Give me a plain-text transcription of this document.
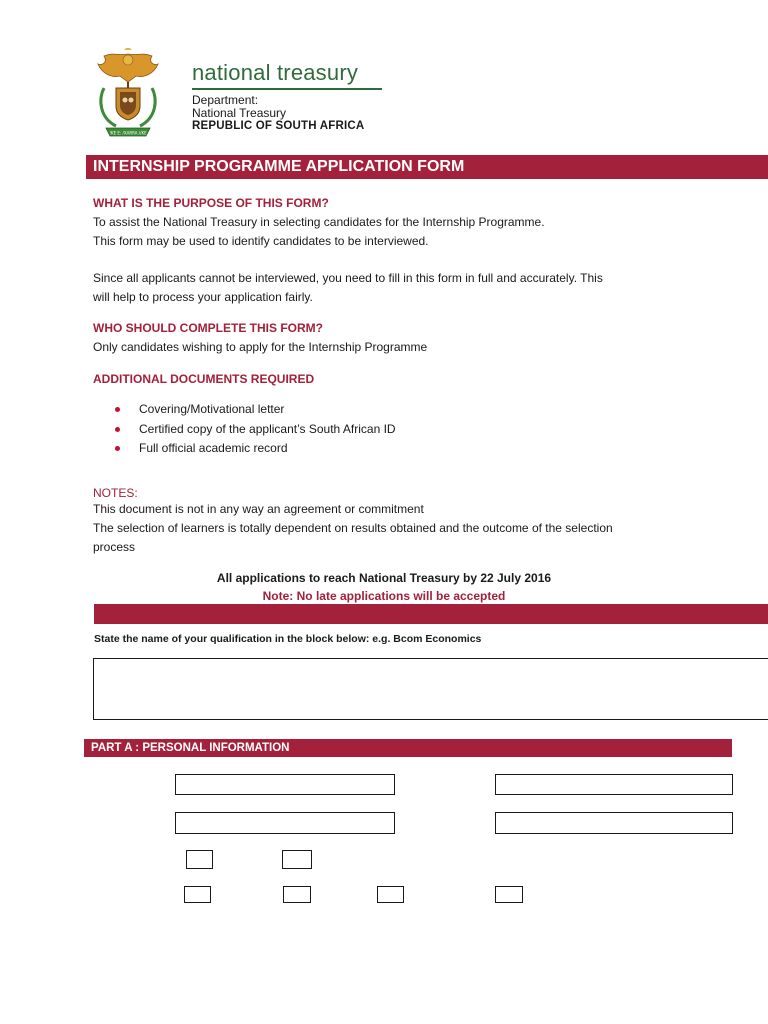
!KE E: /XARRA //KE
national treasury
Department:
National Treasury
REPUBLIC OF SOUTH AFRICA
INTERNSHIP PROGRAMME APPLICATION FORM
WHAT IS THE PURPOSE OF THIS FORM?
To assist the National Treasury in selecting candidates for the Internship Programme.
This form may be used to identify candidates to be interviewed.
Since all applicants cannot be interviewed, you need to fill in this form in full and accurately. This
will help to process your application fairly.
WHO SHOULD COMPLETE THIS FORM?
Only candidates wishing to apply for the Internship Programme
ADDITIONAL DOCUMENTS REQUIRED
Covering/Motivational letter
Certified copy of the applicant’s South African ID
Full official academic record
NOTES:
This document is not in any way an agreement or commitment
The selection of learners is totally dependent on results obtained and the outcome of the selection
process
All applications to reach National Treasury by 22 July 2016
Note: No late applications will be accepted
State the name of your qualification in the block below: e.g. Bcom Economics
PART A : PERSONAL INFORMATION
